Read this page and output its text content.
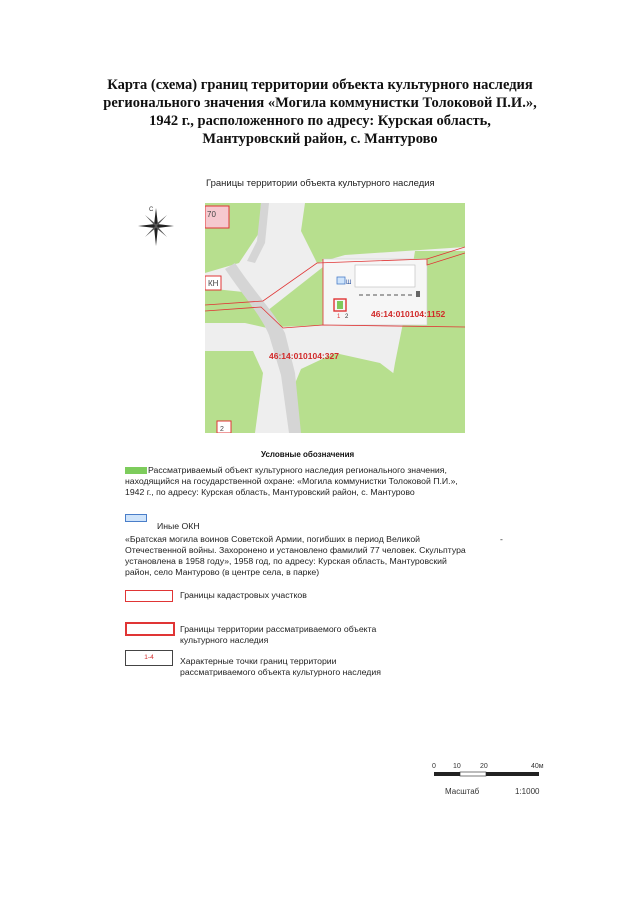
Карта (схема) границ территории объекта культурного наследия
регионального значения «Могила коммунистки Толоковой П.И.»,
1942 г., расположенного по адресу: Курская область,
Мантуровский район, с. Мантурово
Границы территории объекта культурного наследия
С
Ш
70
КН
2
1 2	46:14:010104:1152
46:14:010104:327
Условные обозначения
Рассматриваемый объект культурного наследия регионального значения,
находящийся на государственной охране: «Могила коммунистки Толоковой П.И.»,
1942 г., по адресу: Курская область, Мантуровский район, с. Мантурово
Иные ОКН
«Братская могила воинов Советской Армии, погибших в период Великой	-
Отечественной войны. Захоронено и установлено фамилий 77 человек. Скульптура
установлена в 1958 году», 1958 год, по адресу: Курская область, Мантуровский
район, село Мантурово (в центре села, в парке)
Границы кадастровых участков
Границы территории рассматриваемого объекта
культурного наследия
1-4	Характерные точки границ территории
рассматриваемого объекта культурного наследия
0 10	20	40м
Масштаб	1:1000
